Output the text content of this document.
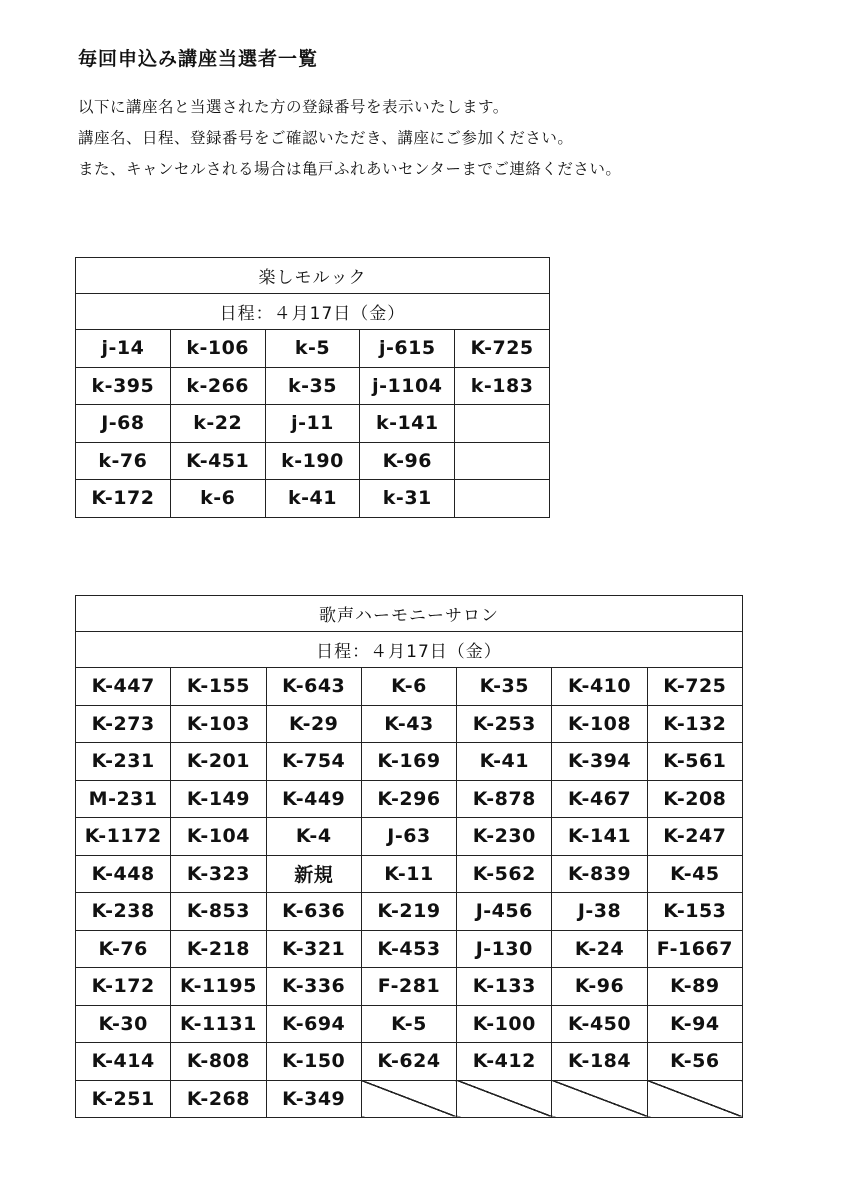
毎回申込み講座当選者一覧
以下に講座名と当選された方の登録番号を表示いたします。
講座名、日程、登録番号をご確認いただき、講座にご参加ください。
また、キャンセルされる場合は亀戸ふれあいセンターまでご連絡ください。
楽しモルック				
日程：４月17日（金）				
j-14	k-106	k-5	j-615	K-725
k-395	k-266	k-35	j-1104	k-183
J-68	k-22	j-11	k-141	
k-76	K-451	k-190	K-96	
K-172	k-6	k-41	k-31	
歌声ハーモニーサロン						
日程：４月17日（金）						
K-447	K-155	K-643	K-6	K-35	K-410	K-725
K-273	K-103	K-29	K-43	K-253	K-108	K-132
K-231	K-201	K-754	K-169	K-41	K-394	K-561
M-231	K-149	K-449	K-296	K-878	K-467	K-208
K-1172	K-104	K-4	J-63	K-230	K-141	K-247
K-448	K-323	新規	K-11	K-562	K-839	K-45
K-238	K-853	K-636	K-219	J-456	J-38	K-153
K-76	K-218	K-321	K-453	J-130	K-24	F-1667
K-172	K-1195	K-336	F-281	K-133	K-96	K-89
K-30	K-1131	K-694	K-5	K-100	K-450	K-94
K-414	K-808	K-150	K-624	K-412	K-184	K-56
K-251	K-268	K-349				
